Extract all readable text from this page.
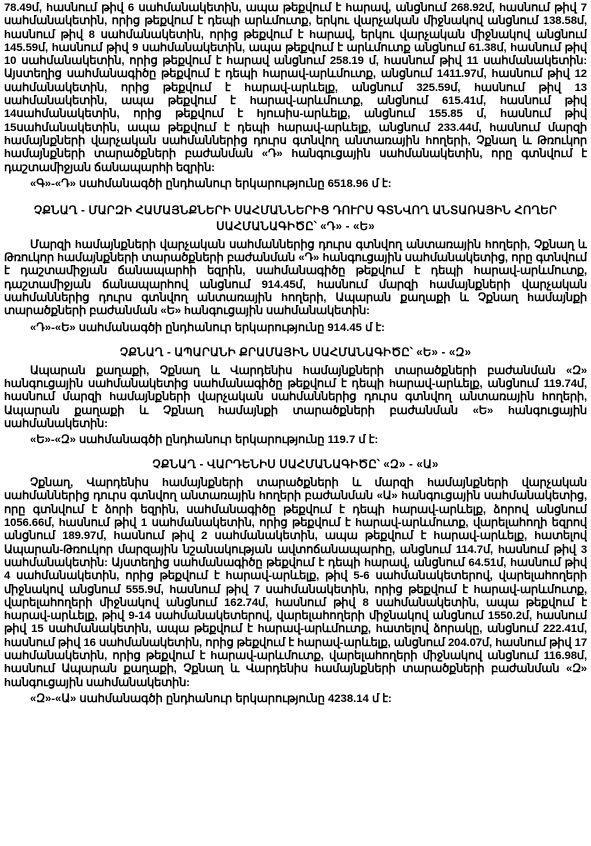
78.49մ, hասնում թիվ 6 սահմանակետին, ապա թեքվում է hարավ, անցնում 268.92մ, hասնում թիվ 7 սահմանակետին, որից թեքվում է դեպի արևմուտք, երկու վարչական միջնակով անցնում 138.58մ, hասնում թիվ 8 սահմանակետին, որից թեքվում է hարավ, երկու վարչական միջնակով անցնում 145.59մ, hասնում թիվ 9 սահմանակետին, ապա թեքվում է արևմուտք անցնում 61.38մ, hասնում թիվ 10 սահմանակետին, որից թեքվում է hարավ անցնում 258.19 մ, hասնում թիվ 11 սահմանակետին: Այստեղից սահմանագիծը թեքվում է դեպի hարավ-արևմուտք, անցնում 1411.97մ, hասնում թիվ 12 սահմանակետին, որից թեքվում է hարավ-արևելք, անցնում 325.59մ, hասնում թիվ 13 սահմանակետին, ապա թեքվում է hարավ-արևմուտք, անցնում 615.41մ, hասնում թիվ 14սահմանակետին, որից թեքվում է hյուսիս-արևելք, անցնում 155.85 մ, hասնում թիվ 15սահմանակետին, ապա թեքվում է դեպի hարավ-արևելք, անցնում 233.44մ, hասնում մարզի hամայնքների վարչական սահմաններից դուրս գտնվող անտառային hողերի, Չքնաղ և Թռուկոր hամայնքների տարածքների բաժանման «Դ» hանգուցային սահմանակետին, որը գտնվում է դաշտամիջյան ճանապարհի եզրին:

«Գ»-«Դ» սահմանագծի ընդհանուր երկարությունը 6518.96 մ է:

ՉՔՆԱՂ - ՄԱՐԶԻ ՀԱՄԱՅՆՔՆԵՐԻ ՍԱՀՄԱՆՆԵՐԻՑ ԴՈՒՐՍ ԳՏՆՎՈՂ ԱՆՏԱՌԱՅԻՆ ՀՈՂԵՐ ՍԱՀՄԱՆԱԳԻԾԸ՝ «Դ» - «Ե»

Մարզի hամայնքների վարչական սահմաններից դուրս գտնվող անտառային hողերի, Չքնաղ և Թռուկոր hամայնքների տարածքների բաժանման «Դ» hանգուցային սահմանակետից, որը գտնվում է դաշտամիջյան ճանապարհի եզրին, սահմանագիծը թեքվում է դեպի hարավ-արևմուտք, դաշտամիջյան ճանապարհով անցնում 914.45մ, hասնում մարզի hամայնքների վարչական սահմաններից դուրս գտնվող անտառային hողերի, Ապարան քաղաքի և Չքնաղ hամայնքի տարածքների բաժանման «Ե» hանգուցային սահմանակետին:

«Դ»-«Ե» սահմանագծի ընդհանուր երկարությունը 914.45 մ է:

ՉՔՆԱՂ - ԱՊԱՐԱՆԻ ՔՐԱՄԱՅԻՆ ՍԱՀՄԱՆԱԳԻԾԸ՝ «Ե» - «Զ»

Ապարան քաղաքի, Չքնաղ և Վարդենիս hամայնքների տարածքների բաժանման «Զ» hանգուցային սահմանակետից սահմանագիծը թեքվում է դեպի hարավ-արևելք, անցնում 119.74մ, hասնում մարզի hամայնքների վարչական սահմաններից դուրս գտնվող անտառային hողերի, Ապարան քաղաքի և Չքնաղ hամայնքի տարածքների բաժանման «Ե» hանգուցային սահմանակետին:

«Ե»-«Զ» սահմանագծի ընդհանուր երկարությունը 119.7 մ է:

ՉՔՆԱՂ - ՎԱՐԴԵՆԻՍ ՍԱՀՄԱՆԱԳԻԾԸ՝ «Զ» - «Ա»

Չքնաղ, Վարդենիս hամայնքների տարածքների և մարզի hամայնքների վարչական սահմաններից դուրս գտնվող անտառային hողերի բաժանման «Ա» hանգուցային սահմանակետից, որը գտնվում է ձորի եզրին, սահմանագիծը թեքվում է դեպի hարավ-արևելք, ձորով անցնում 1056.66մ, hասնում թիվ 1 սահմանակետին, որից թեքվում է hարավ-արևմուտք, վարելահողի եզրով անցնում 189.97մ, hասնում թիվ 2 սահմանակետին, ապա թեքվում է hարավ-արևելք, hատելով Ապարան-Թռուկոր մարզային նշանակության ավտոճանապարհը, անցնում 114.7մ, hասնում թիվ 3 սահմանակետին: Այստեղից սահմանագիծը թեքվում է դեպի hարավ, անցնում 64.51մ, hասնում թիվ 4 սահմանակետին, որից թեքվում է hարավ-արևելք, թիվ 5-6 սահմանակետերով, վարելահողերի միջնակով անցնում 555.9մ, hասնում թիվ 7 սահմանակետին, որից թեքվում է hարավ-արևմուտք, վարելահողերի միջնակով անցնում 162.74մ, hասնում թիվ 8 սահմանակետին, ապա թեքվում է hարավ-արևելք, թիվ 9-14 սահմանակետերով, վարելահողերի միջնակով անցնում 1550.2մ, hասնում թիվ 15 սահմանակետին, ապա թեքվում է hարավ-արևմուտք, hատելով ձորակը, անցնում 222.41մ, hասնում թիվ 16 սահմանակետին, որից թեքվում է hարավ-արևելք, անցնում 204.07մ, hասնում թիվ 17 սահմանակետին, որից թեքվում է hարավ-արևմուտք, վարելահողերի միջնակով անցնում 116.98մ, hասնում Ապարան քաղաքի, Չքնաղ և Վարդենիս hամայնքների տարածքների բաժանման «Զ» hանգուցային սահմանակետին:

«Զ»-«Ա» սահմանագծի ընդհանուր երկարությունը 4238.14 մ է:
